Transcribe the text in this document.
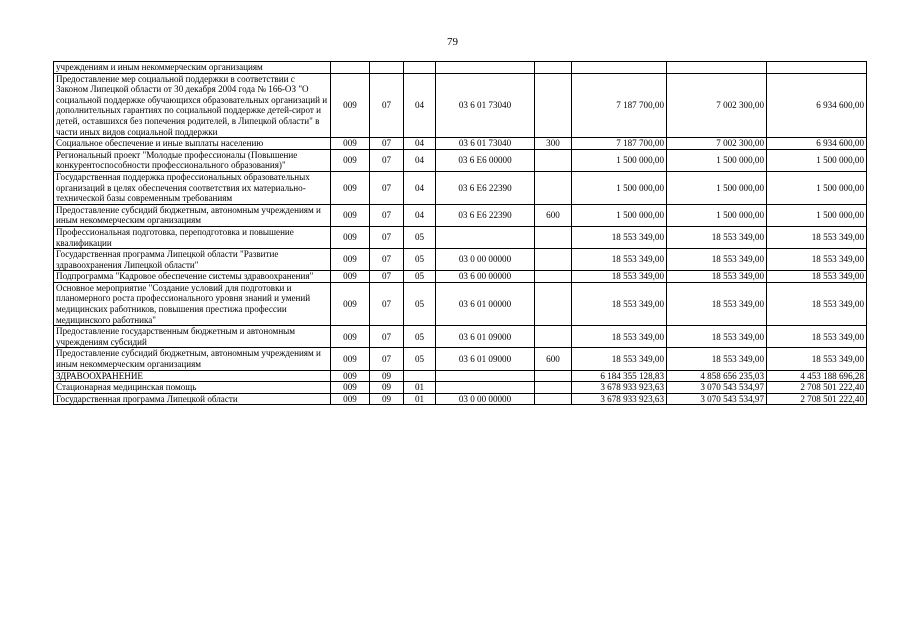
79
учреждениям и иным некоммерческим организациям								
Предоставление мер социальной поддержки в соответствии с Законом Липецкой области от 30 декабря 2004 года № 166-ОЗ "О социальной поддержке обучающихся образовательных организаций и дополнительных гарантиях по социальной поддержке детей-сирот и детей, оставшихся без попечения родителей, в Липецкой области" в части иных видов социальной поддержки	009	07	04	03 6 01 73040		7 187 700,00	7 002 300,00	6 934 600,00
Социальное обеспечение и иные выплаты населению	009	07	04	03 6 01 73040	300	7 187 700,00	7 002 300,00	6 934 600,00
Региональный проект "Молодые профессионалы (Повышение конкурентоспособности профессионального образования)"	009	07	04	03 6 E6 00000		1 500 000,00	1 500 000,00	1 500 000,00
Государственная поддержка профессиональных образовательных организаций в целях обеспечения соответствия их материально-технической базы современным требованиям	009	07	04	03 6 E6 22390		1 500 000,00	1 500 000,00	1 500 000,00
Предоставление субсидий бюджетным, автономным учреждениям и иным некоммерческим организациям	009	07	04	03 6 E6 22390	600	1 500 000,00	1 500 000,00	1 500 000,00
Профессиональная подготовка, переподготовка и повышение квалификации	009	07	05			18 553 349,00	18 553 349,00	18 553 349,00
Государственная программа Липецкой области "Развитие здравоохранения Липецкой области"	009	07	05	03 0 00 00000		18 553 349,00	18 553 349,00	18 553 349,00
Подпрограмма "Кадровое обеспечение системы здравоохранения"	009	07	05	03 6 00 00000		18 553 349,00	18 553 349,00	18 553 349,00
Основное мероприятие "Создание условий для подготовки и планомерного роста профессионального уровня знаний и умений медицинских работников, повышения престижа профессии медицинского работника"	009	07	05	03 6 01 00000		18 553 349,00	18 553 349,00	18 553 349,00
Предоставление государственным бюджетным и автономным учреждениям субсидий	009	07	05	03 6 01 09000		18 553 349,00	18 553 349,00	18 553 349,00
Предоставление субсидий бюджетным, автономным учреждениям и иным некоммерческим организациям	009	07	05	03 6 01 09000	600	18 553 349,00	18 553 349,00	18 553 349,00
ЗДРАВООХРАНЕНИЕ	009	09				6 184 355 128,83	4 858 656 235,03	4 453 188 696,28
Стационарная медицинская помощь	009	09	01			3 678 933 923,63	3 070 543 534,97	2 708 501 222,40
Государственная программа Липецкой области	009	09	01	03 0 00 00000		3 678 933 923,63	3 070 543 534,97	2 708 501 222,40
